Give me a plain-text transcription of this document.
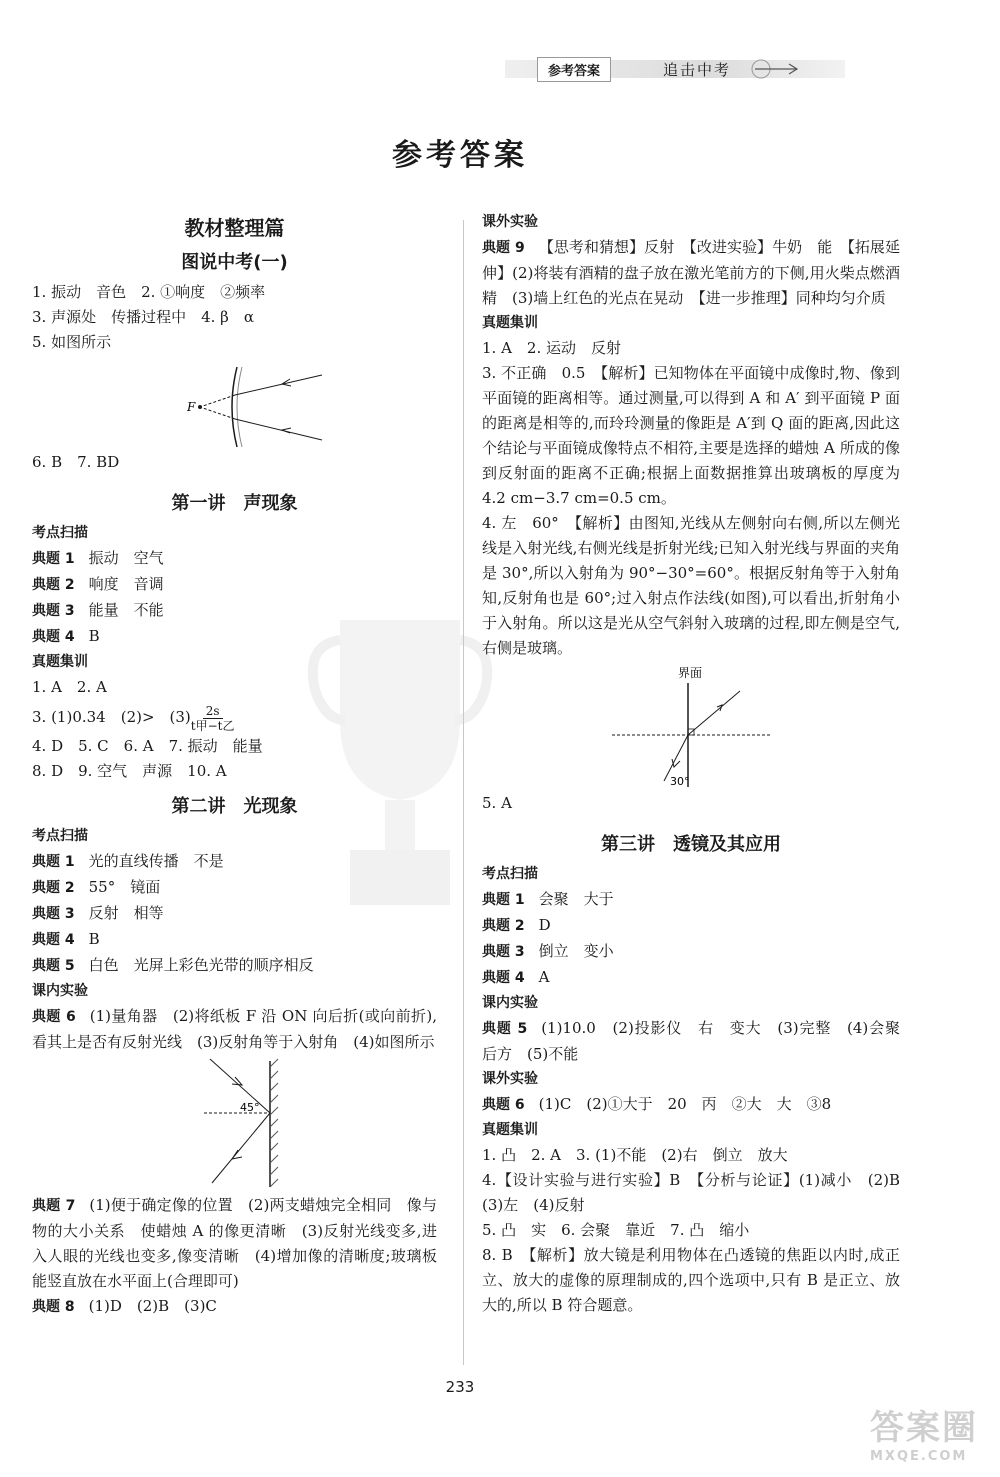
参考答案	追击中考
参考答案
教材整理篇
图说中考(一)
1. 振动　音色　2. ①响度　②频率
3. 声源处　传播过程中　4. β　α
5. 如图所示
F
6. B　7. BD
第一讲　声现象
考点扫描
典题 1 振动　空气
典题 2 响度　音调
典题 3 能量　不能
典题 4 B
真题集训
1. A　2. A
3. (1)0.34　(2)>　$(3) \frac{2s}{\text{t甲−t乙}}$
4. D　5. C　6. A　7. 振动　能量
8. D　9. 空气　声源　10. A
第二讲　光现象
考点扫描
典题 1 光的直线传播　不是
典题 2 55°　镜面
典题 3 反射　相等
典题 4 B
典题 5 白色　光屏上彩色光带的顺序相反
课内实验
典题 6 (1)量角器　(2)将纸板 F 沿 ON 向后折(或向前折),看其上是否有反射光线　(3)反射角等于入射角　(4)如图所示
45°
典题 7 (1)便于确定像的位置　(2)两支蜡烛完全相同　像与物的大小关系　使蜡烛 A 的像更清晰　(3)反射光线变多,进入人眼的光线也变多,像变清晰　(4)增加像的清晰度;玻璃板能竖直放在水平面上(合理即可)
典题 8 (1)D　(2)B　(3)C
课外实验
典题 9 【思考和猜想】反射　【改进实验】牛奶　能　【拓展延伸】(2)将装有酒精的盘子放在激光笔前方的下侧,用火柴点燃酒精　(3)墙上红色的光点在晃动　【进一步推理】同种均匀介质
真题集训
1. A　2. 运动　反射
3. 不正确　0.5　【解析】已知物体在平面镜中成像时,物、像到平面镜的距离相等。通过测量,可以得到 A 和 A′ 到平面镜 P 面的距离是相等的,而玲玲测量的像距是 A′到 Q 面的距离,因此这个结论与平面镜成像特点不相符,主要是选择的蜡烛 A 所成的像到反射面的距离不正确;根据上面数据推算出玻璃板的厚度为 4.2 cm−3.7 cm=0.5 cm。
4. 左　60°　【解析】由图知,光线从左侧射向右侧,所以左侧光线是入射光线,右侧光线是折射光线;已知入射光线与界面的夹角是 30°,所以入射角为 90°−30°=60°。根据反射角等于入射角知,反射角也是 60°;过入射点作法线(如图),可以看出,折射角小于入射角。所以这是光从空气斜射入玻璃的过程,即左侧是空气,右侧是玻璃。
界面
30°
5. A
第三讲　透镜及其应用
考点扫描
典题 1 会聚　大于
典题 2 D
典题 3 倒立　变小
典题 4 A
课内实验
典题 5 (1)10.0　(2)投影仪　右　变大　(3)完整　(4)会聚　后方　(5)不能
课外实验
典题 6 (1)C　(2)①大于　20　丙　②大　大　③8
真题集训
1. 凸　2. A　3. (1)不能　(2)右　倒立　放大
4.【设计实验与进行实验】B　【分析与论证】(1)减小　(2)B　(3)左　(4)反射
5. 凸　实　6. 会聚　靠近　7. 凸　缩小
8. B　【解析】放大镜是利用物体在凸透镜的焦距以内时,成正立、放大的虚像的原理制成的,四个选项中,只有 B 是正立、放大的,所以 B 符合题意。
233
答案圈
MXQE.COM
